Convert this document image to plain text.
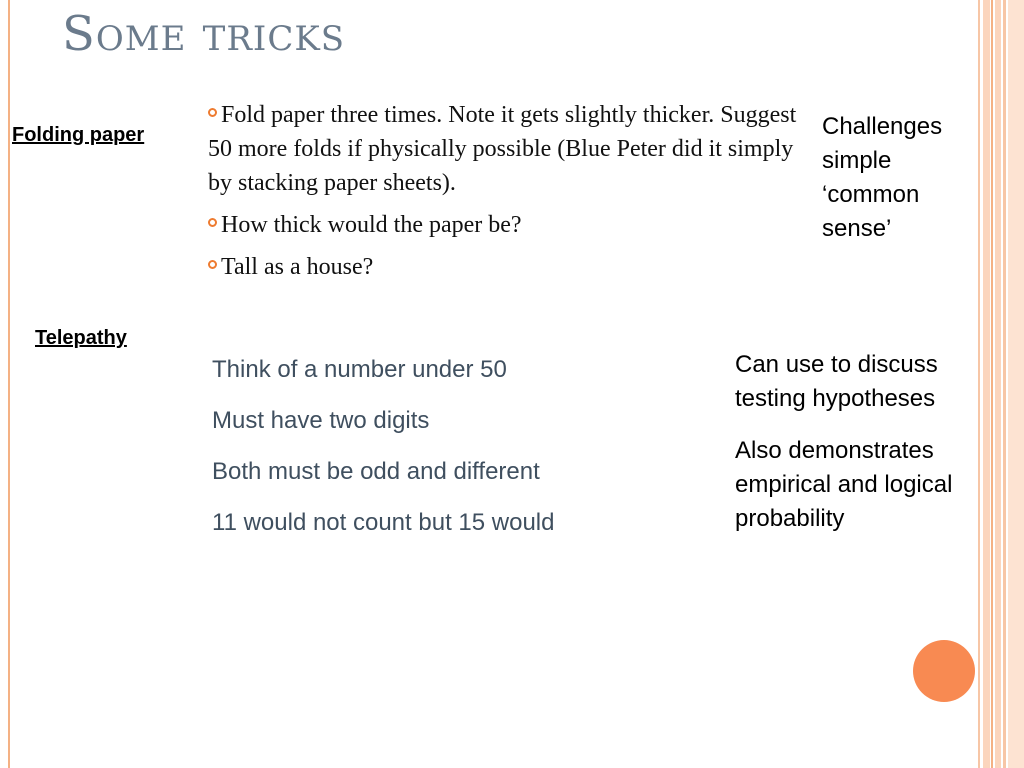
Some tricks
Folding paper
Fold paper three times. Note it gets slightly thicker. Suggest 50 more folds if physically possible (Blue Peter did it simply by stacking paper sheets).
How thick would the paper be?
Tall as a house?
Challenges simple ‘common sense’
Telepathy
Think of a number under 50
Must have two digits
Both must be odd and different
11 would not count but 15 would
Can use to discuss testing hypotheses
Also demonstrates empirical and logical probability
